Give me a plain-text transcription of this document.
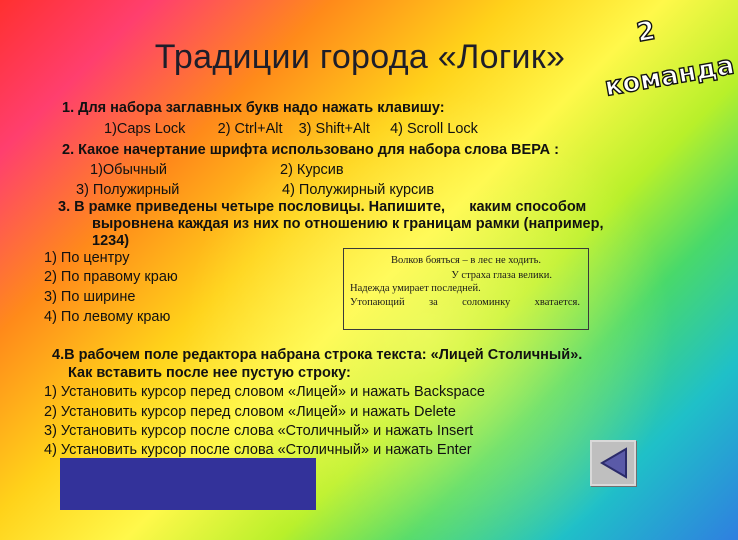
Традиции города «Логик»
2 команда
1. Для набора заглавных букв надо нажать клавишу:
1)Caps Lock        2) Ctrl+Alt    3) Shift+Alt     4) Scroll Lock
2. Какое начертание шрифта использовано для набора слова ВЕРА :
1)Обычный	2) Курсив
3) Полужирный	4) Полужирный курсив
3. В рамке приведены четыре пословицы. Напишите,      каким способом
выровнена каждая из них по отношению к границам рамки (например,
1234)
1) По центру
2) По правому краю
3) По ширине
4) По левому краю
Волков бояться – в лес не ходить.
У страха глаза велики.
Надежда умирает последней.
Утопающий за соломинку хватается.
4.В рабочем поле редактора набрана строка текста: «Лицей Столичный».
Как вставить после нее пустую строку:
1) Установить курсор перед словом «Лицей» и нажать Backspace
2) Установить курсор перед словом «Лицей» и нажать Delete
3) Установить курсор после слова «Столичный» и нажать Insert
4) Установить курсор после слова «Столичный» и нажать Enter
